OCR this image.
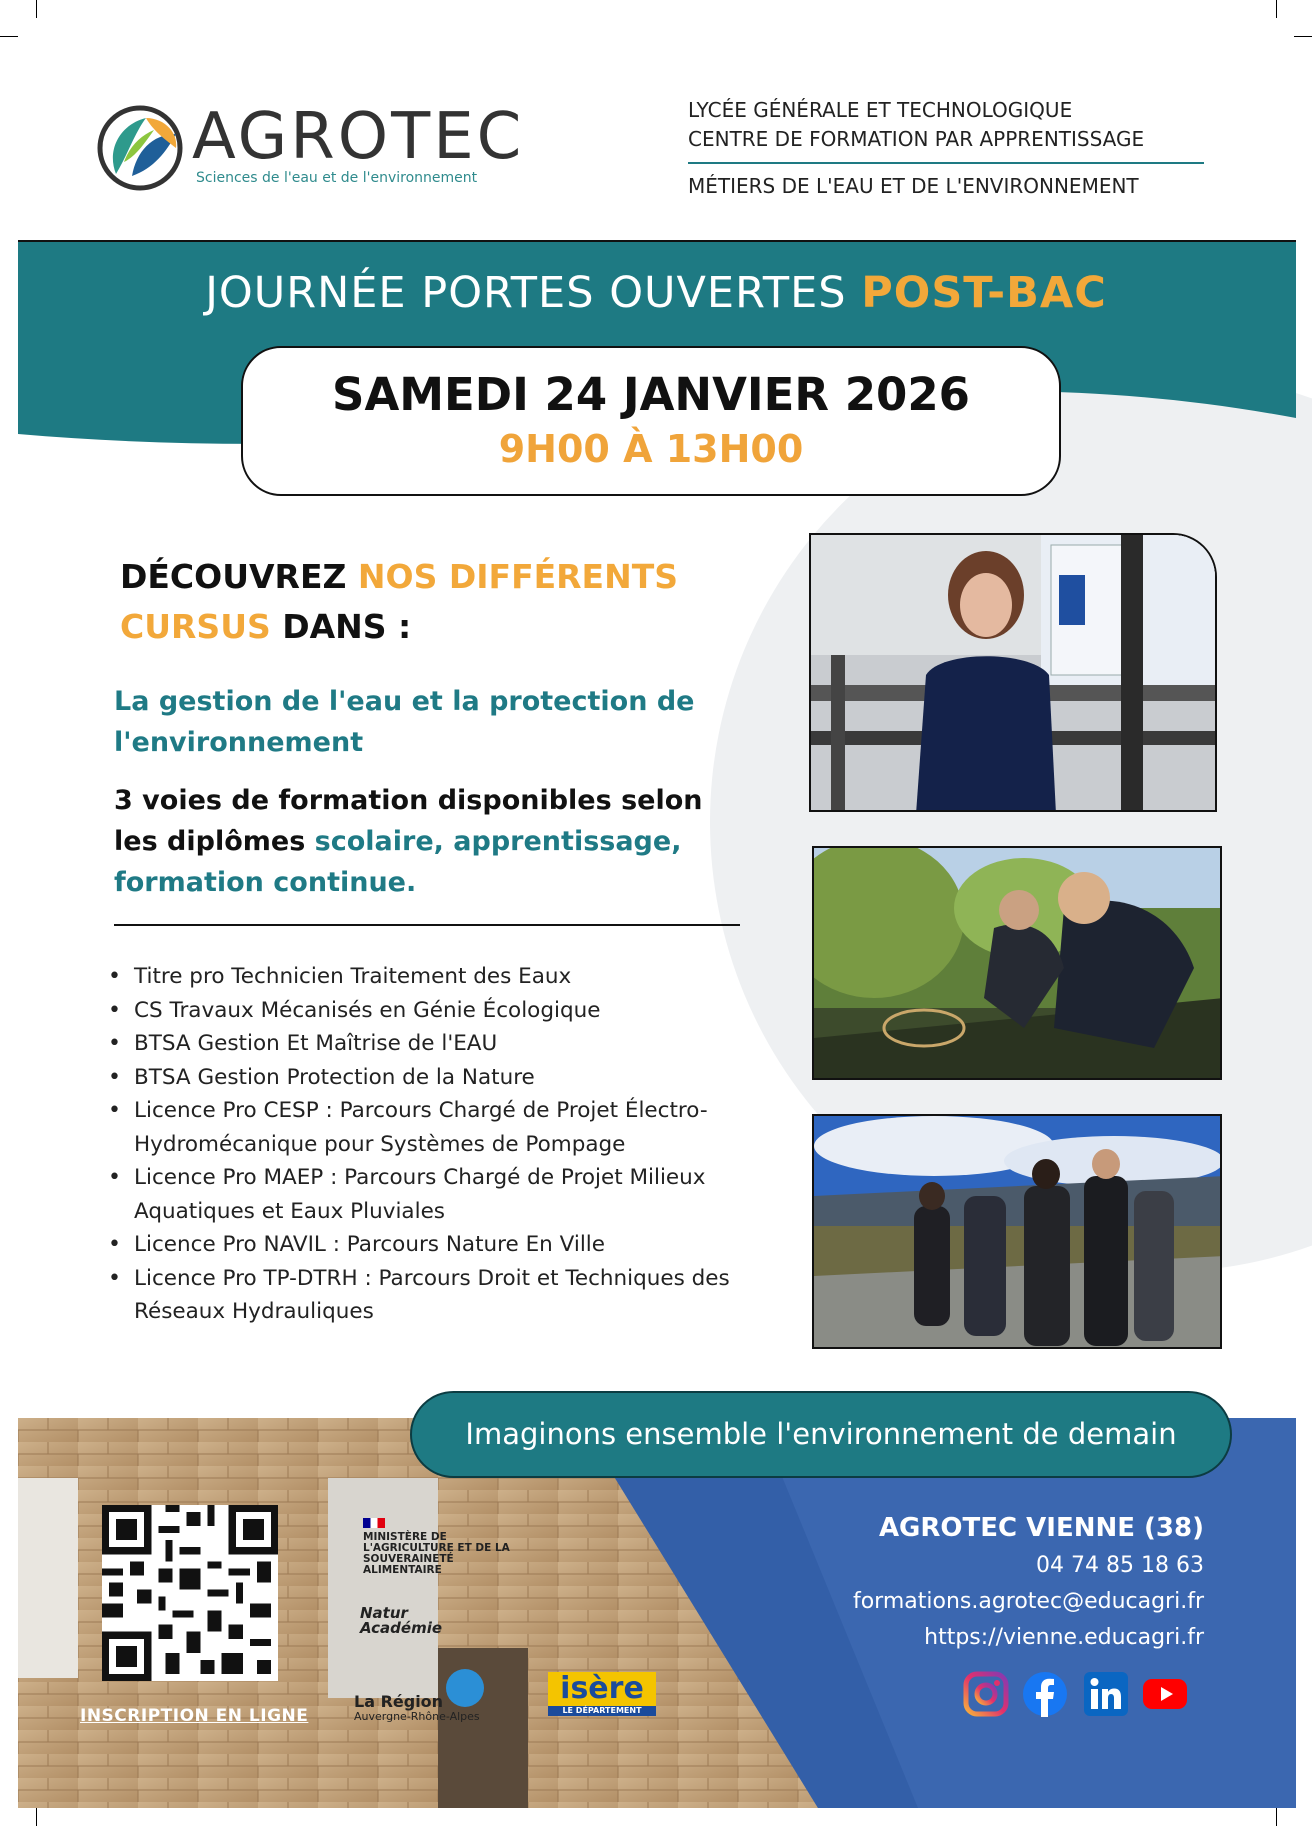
AGROTEC
Sciences de l'eau et de l'environnement
LYCÉE GÉNÉRALE ET TECHNOLOGIQUE
CENTRE DE FORMATION PAR APPRENTISSAGE
MÉTIERS DE L'EAU ET DE L'ENVIRONNEMENT
JOURNÉE PORTES OUVERTES POST-BAC
SAMEDI 24 JANVIER 2026
9H00 À 13H00
DÉCOUVREZ NOS DIFFÉRENTS
CURSUS DANS :
La gestion de l'eau et la protection de l'environnement
3 voies de formation disponibles selon les diplômes scolaire, apprentissage, formation continue.
• Titre pro Technicien Traitement des Eaux
• CS Travaux Mécanisés en Génie Écologique
• BTSA Gestion Et Maîtrise de l'EAU
• BTSA Gestion Protection de la Nature
• Licence Pro CESP : Parcours Chargé de Projet Électro-Hydromécanique pour Systèmes de Pompage
• Licence Pro MAEP : Parcours Chargé de Projet Milieux Aquatiques et Eaux Pluviales
• Licence Pro NAVIL : Parcours Nature En Ville
• Licence Pro TP-DTRH : Parcours Droit et Techniques des Réseaux Hydrauliques
Imaginons ensemble l'environnement de demain
AGROTEC VIENNE (38)
04 74 85 18 63
formations.agrotec@educagri.fr
https://vienne.educagri.fr
INSCRIPTION EN LIGNE
MINISTÈRE DE L'AGRICULTURE ET DE LA SOUVERAINETÉ ALIMENTAIRE
Natur Académie
La Région
Auvergne-Rhône-Alpes
isère
LE DÉPARTEMENT
